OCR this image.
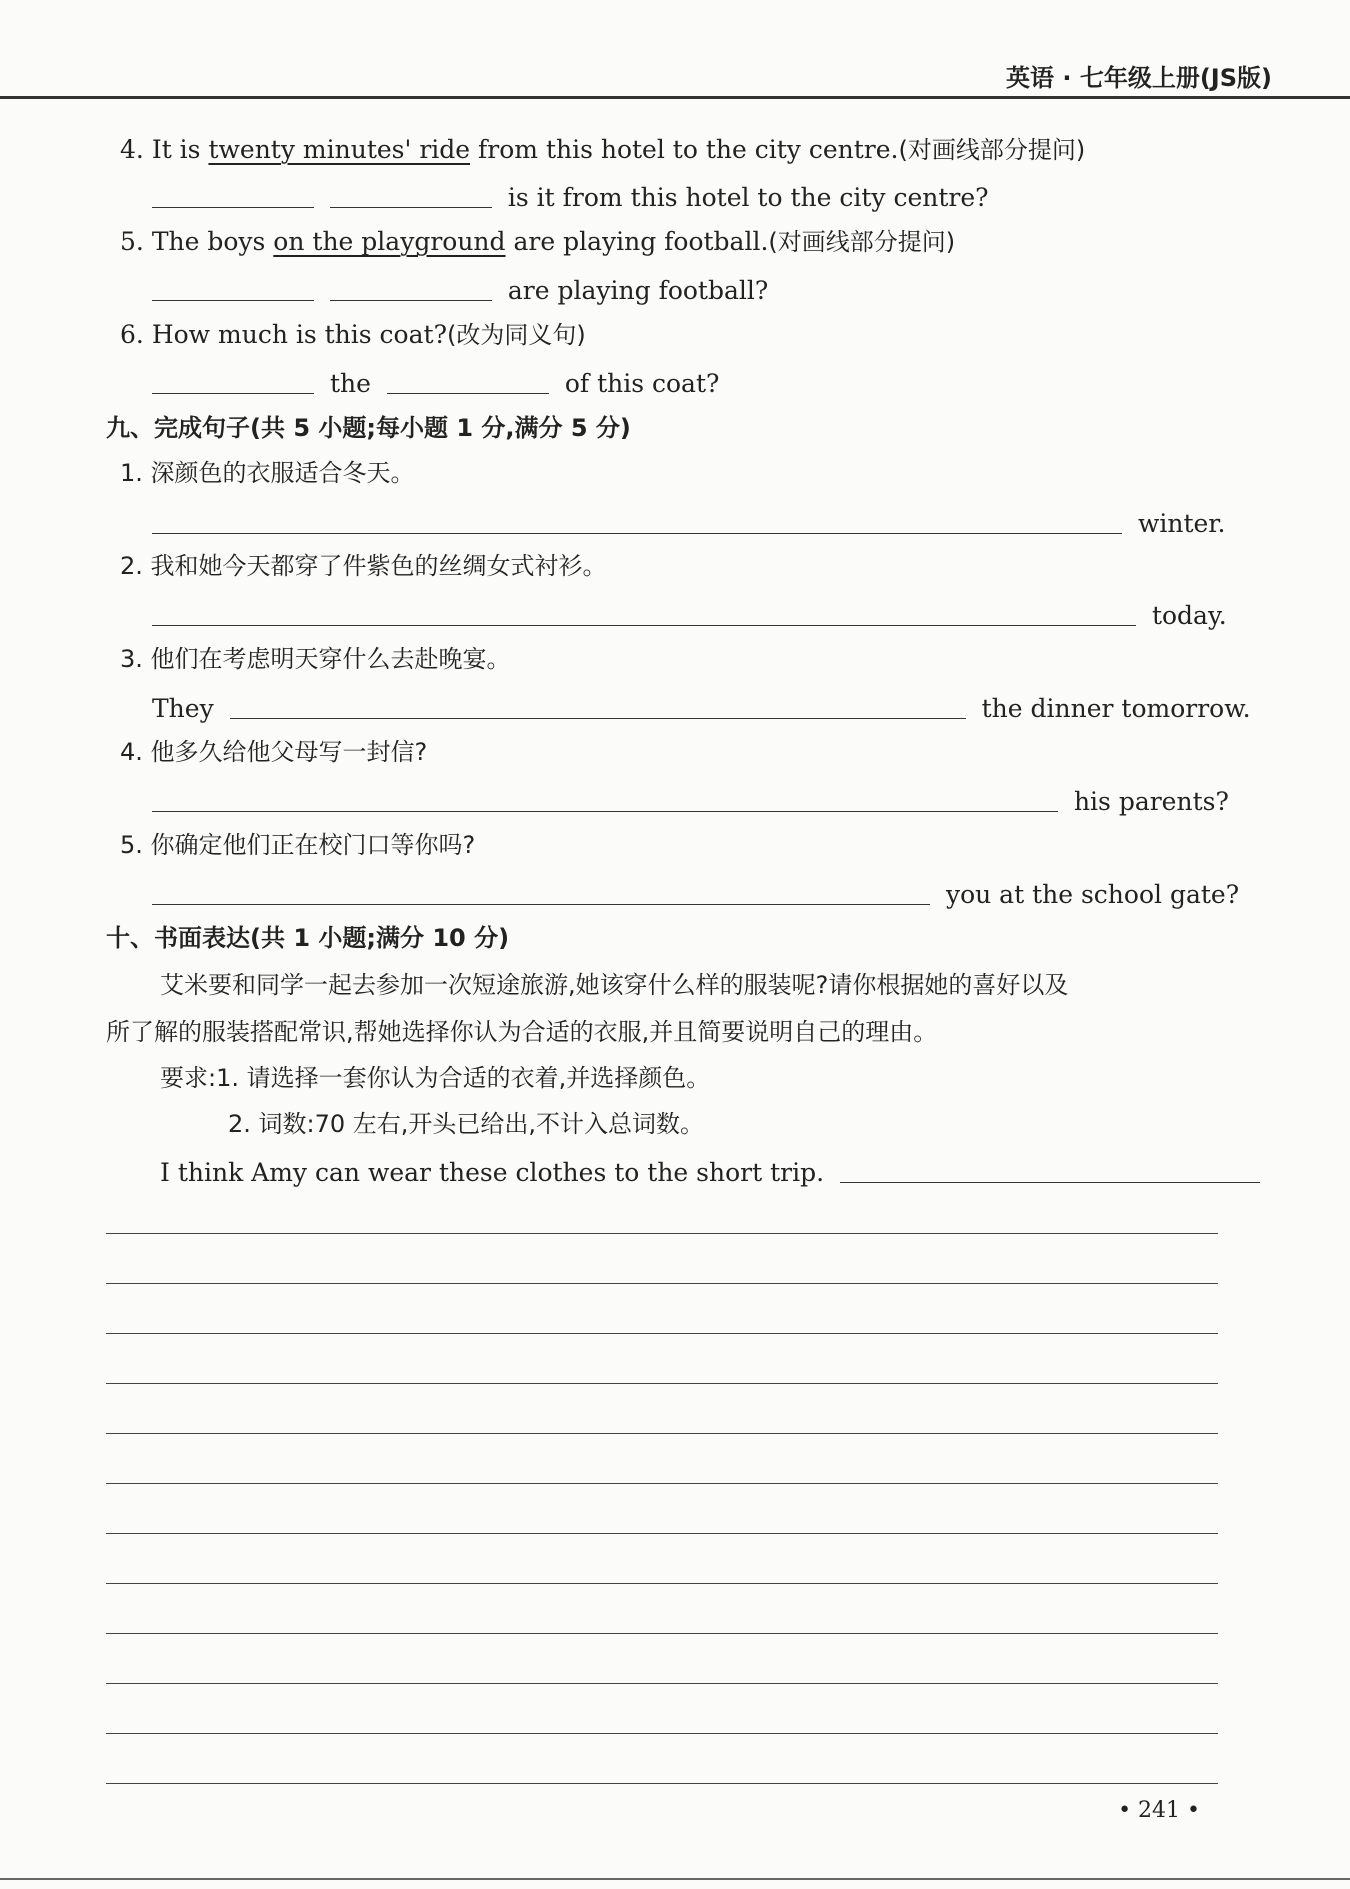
英语 · 七年级上册(JS版)
4. It is twenty minutes' ride from this hotel to the city centre.(对画线部分提问)
is it from this hotel to the city centre?
5. The boys on the playground are playing football.(对画线部分提问)
are playing football?
6. How much is this coat?(改为同义句)
the	of this coat?
九、完成句子(共 5 小题;每小题 1 分,满分 5 分)
1. 深颜色的衣服适合冬天。
winter.
2. 我和她今天都穿了件紫色的丝绸女式衬衫。
today.
3. 他们在考虑明天穿什么去赴晚宴。
They	the dinner tomorrow.
4. 他多久给他父母写一封信?
his parents?
5. 你确定他们正在校门口等你吗?
you at the school gate?
十、书面表达(共 1 小题;满分 10 分)
艾米要和同学一起去参加一次短途旅游,她该穿什么样的服装呢?请你根据她的喜好以及
所了解的服装搭配常识,帮她选择你认为合适的衣服,并且简要说明自己的理由。
要求:1. 请选择一套你认为合适的衣着,并选择颜色。
2. 词数:70 左右,开头已给出,不计入总词数。
I think Amy can wear these clothes to the short trip.
• 241 •
